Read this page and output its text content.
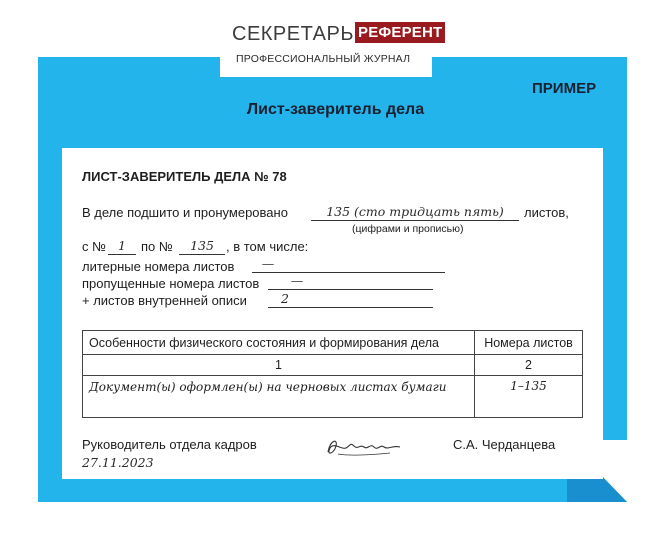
СЕКРЕТАРЬ РЕФЕРЕНТ
ПРОФЕССИОНАЛЬНЫЙ ЖУРНАЛ
ПРИМЕР
Лист-заверитель дела
ЛИСТ-ЗАВЕРИТЕЛЬ ДЕЛА № 78
В деле подшито и пронумеровано	135 (сто тридцать пять)	листов,
(цифрами и прописью)
с № 1	по №	135 , в том числе:
литерные номера листов	—
пропущенные номера листов	—
+ листов внутренней описи	2
Особенности физического состояния и формирования дела	Номера листов
1	2
Документ(ы) оформлен(ы) на черновых листах бумаги	1–135
Руководитель отдела кадров
27.11.2023
С.А. Черданцева
